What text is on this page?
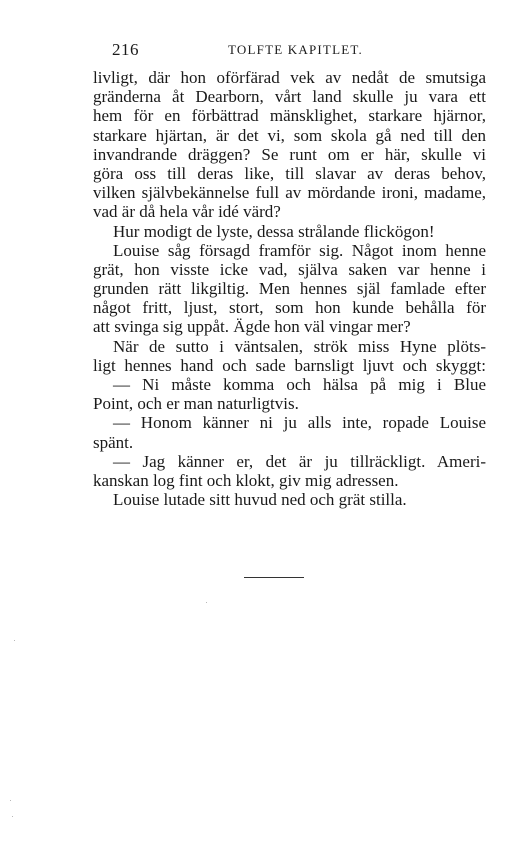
216	TOLFTE KAPITLET.
livligt, där hon oförfärad vek av nedåt de smutsiga
gränderna åt Dearborn, vårt land skulle ju vara ett
hem för en förbättrad mänsklighet, starkare hjärnor,
starkare hjärtan, är det vi, som skola gå ned till den
invandrande dräggen? Se runt om er här, skulle vi
göra oss till deras like, till slavar av deras behov,
vilken självbekännelse full av mördande ironi, madame,
vad är då hela vår idé värd?
Hur modigt de lyste, dessa strålande flickögon!
Louise såg försagd framför sig. Något inom henne
grät, hon visste icke vad, själva saken var henne i
grunden rätt likgiltig. Men hennes själ famlade efter
något fritt, ljust, stort, som hon kunde behålla för
att svinga sig uppåt. Ägde hon väl vingar mer?
När de sutto i väntsalen, strök miss Hyne plöts-
ligt hennes hand och sade barnsligt ljuvt och skyggt:
— Ni måste komma och hälsa på mig i Blue
Point, och er man naturligtvis.
— Honom känner ni ju alls inte, ropade Louise
spänt.
— Jag känner er, det är ju tillräckligt. Ameri-
kanskan log fint och klokt, giv mig adressen.
Louise lutade sitt huvud ned och grät stilla.
